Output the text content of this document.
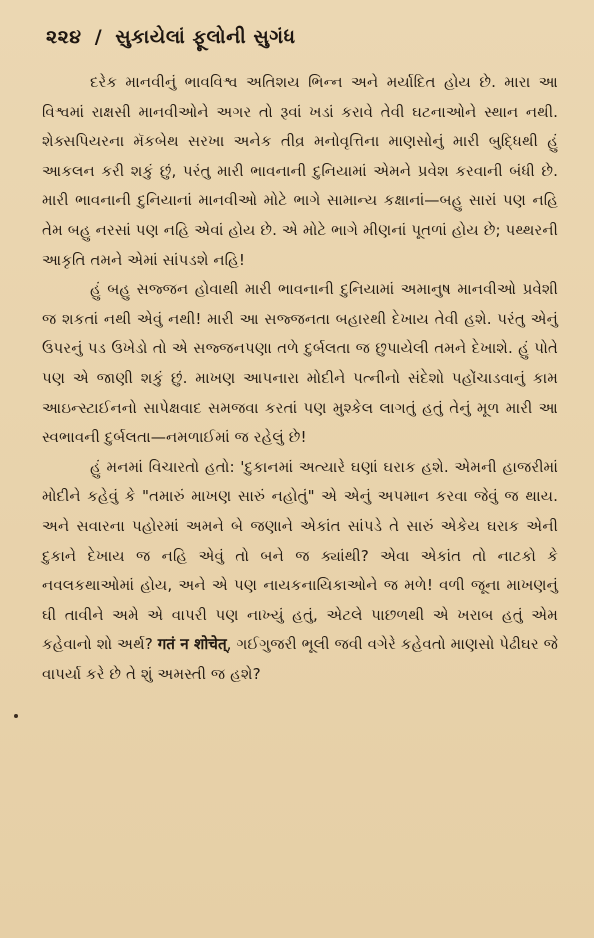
૨૨૪ / સુકાયેલાં ફૂલોની સુગંધ

દરેક માનવીનું ભાવવિશ્વ અતિશય ભિન્ન અને મર્યાદિત હોય છે. મારા આ વિશ્વમાં રાક્ષસી માનવીઓને અગર તો રૂવાં ખડાં કરાવે તેવી ઘટનાઓને સ્થાન નથી. શેક્સપિયરના મૅકબેથ સરખા અનેક તીવ્ર મનોવૃત્તિના માણસોનું મારી બુદ્ધિથી હું આકલન કરી શકું છું, પરંતુ મારી ભાવનાની દુનિયામાં એમને પ્રવેશ કરવાની બંધી છે. મારી ભાવનાની દુનિયાનાં માનવીઓ મોટે ભાગે સામાન્ય કક્ષાનાં—બહુ સારાં પણ નહિ તેમ બહુ નરસાં પણ નહિ એવાં હોય છે. એ મોટે ભાગે મીણનાં પૂતળાં હોય છે; પથ્થરની આકૃતિ તમને એમાં સાંપડશે નહિ!

હું બહુ સજ્જન હોવાથી મારી ભાવનાની દુનિયામાં અમાનુષ માનવીઓ પ્રવેશી જ શકતાં નથી એવું નથી! મારી આ સજ્જનતા બહારથી દેખાય તેવી હશે. પરંતુ એનું ઉપરનું પડ ઉખેડો તો એ સજ્જનપણા તળે દુર્બલતા જ છુપાયેલી તમને દેખાશે. હું પોતે પણ એ જાણી શકું છું. માખણ આપનારા મોદીને પત્નીનો સંદેશો પહોંચાડવાનું કામ આઇન્સ્ટાઈનનો સાપેક્ષવાદ સમજવા કરતાં પણ મુશ્કેલ લાગતું હતું તેનું મૂળ મારી આ સ્વભાવની દુર્બલતા—નમળાઈમાં જ રહેલું છે!

હું મનમાં વિચારતો હતો: 'દુકાનમાં અત્યારે ઘણાં ઘરાક હશે. એમની હાજરીમાં મોદીને કહેવું કે "તમારું માખણ સારું નહોતું" એ એનું અપમાન કરવા જેવું જ થાય. અને સવારના પહોરમાં અમને બે જણાને એકાંત સાંપડે તે સારું એકેય ઘરાક એની દુકાને દેખાય જ નહિ એવું તો બને જ ક્યાંથી? એવા એકાંત તો નાટકો કે નવલકથાઓમાં હોય, અને એ પણ નાયકનાયિકાઓને જ મળે! વળી જૂના માખણનું ઘી તાવીને અમે એ વાપરી પણ નાખ્યું હતું, એટલે પાછળથી એ ખરાબ હતું એમ કહેવાનો શો અર્થ? गतं न शोचेत्, ગઈગુજરી ભૂલી જવી વગેરે કહેવતો માણસો પેઢીઘર જે વાપર્યા કરે છે તે શું અમસ્તી જ હશે?
